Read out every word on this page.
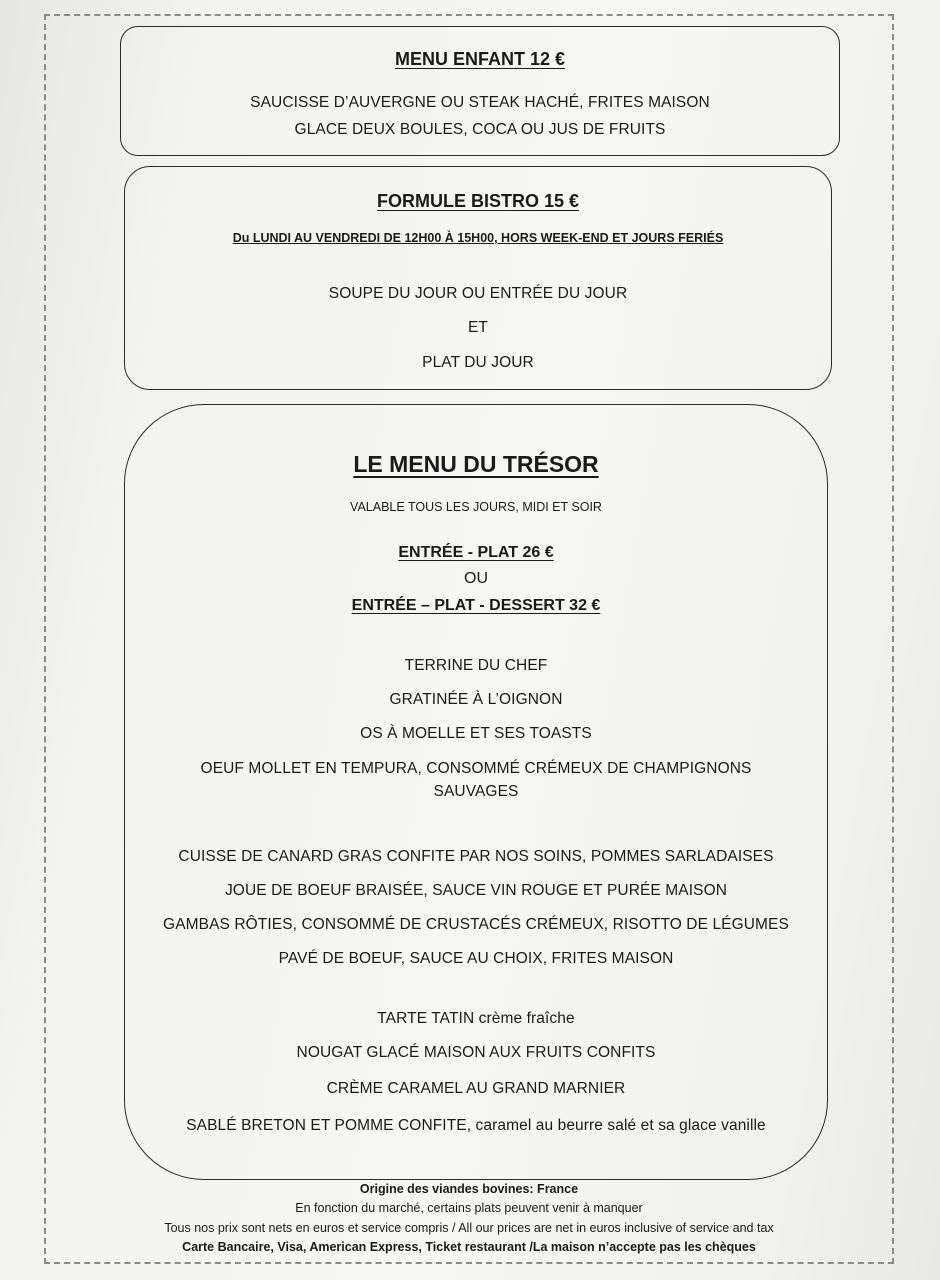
MENU ENFANT 12 €
SAUCISSE D’AUVERGNE OU STEAK HACHÉ, FRITES MAISON
GLACE DEUX BOULES, COCA OU JUS DE FRUITS
FORMULE BISTRO 15 €
Du LUNDI AU VENDREDI DE 12H00 À 15H00, HORS WEEK-END ET JOURS FERIÉS
SOUPE DU JOUR OU ENTRÉE DU JOUR
ET
PLAT DU JOUR
LE MENU DU TRÉSOR
VALABLE TOUS LES JOURS, MIDI ET SOIR
ENTRÉE - PLAT 26 €
OU
ENTRÉE – PLAT - DESSERT 32 €
TERRINE DU CHEF
GRATINÉE À L’OIGNON
OS À MOELLE ET SES TOASTS
OEUF MOLLET EN TEMPURA, CONSOMMÉ CRÉMEUX DE CHAMPIGNONS SAUVAGES
CUISSE DE CANARD GRAS CONFITE PAR NOS SOINS, POMMES SARLADAISES
JOUE DE BOEUF BRAISÉE, SAUCE VIN ROUGE ET PURÉE MAISON
GAMBAS RÔTIES, CONSOMMÉ DE CRUSTACÉS CRÉMEUX, RISOTTO DE LÉGUMES
PAVÉ DE BOEUF, SAUCE AU CHOIX, FRITES MAISON
TARTE TATIN crème fraîche
NOUGAT GLACÉ MAISON AUX FRUITS CONFITS
CRÈME CARAMEL AU GRAND MARNIER
SABLÉ BRETON ET POMME CONFITE, caramel au beurre salé et sa glace vanille
Origine des viandes bovines: France
En fonction du marché, certains plats peuvent venir à manquer
Tous nos prix sont nets en euros et service compris / All our prices are net in euros inclusive of service and tax
Carte Bancaire, Visa, American Express, Ticket restaurant /La maison n’accepte pas les chèques
